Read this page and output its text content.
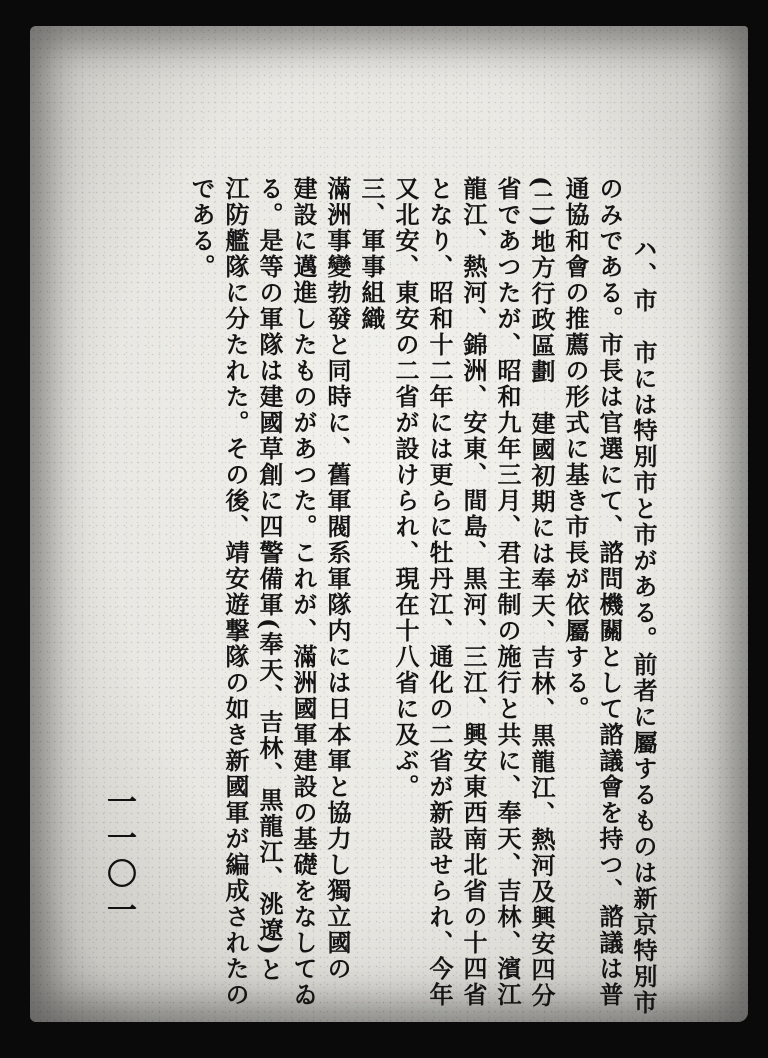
ハ、市　市には特別市と市がある。前者に屬するものは新京特別市
のみである。市長は官選にて、諮問機關として諮議會を持つ、諮議は普
通協和會の推薦の形式に基き市長が依屬する。
(二)地方行政區劃　建國初期には奉天、吉林、黒龍江、熱河及興安四分
省であつたが、昭和九年三月、君主制の施行と共に、奉天、吉林、濱江
龍江、熱河、錦洲、安東、間島、黒河、三江、興安東西南北省の十四省
となり、昭和十二年には更らに牡丹江、通化の二省が新設せられ、今年
又北安、東安の二省が設けられ、現在十八省に及ぶ。
三、軍事組織
滿洲事變勃發と同時に、舊軍閥系軍隊内には日本軍と協力し獨立國の
建設に邁進したものがあつた。これが、滿洲國軍建設の基礎をなしてゐ
る。是等の軍隊は建國草創に四警備軍(奉天、吉林、黒龍江、洮遼)と
江防艦隊に分たれた。その後、靖安遊撃隊の如き新國軍が編成されたの
である。
一一〇一
